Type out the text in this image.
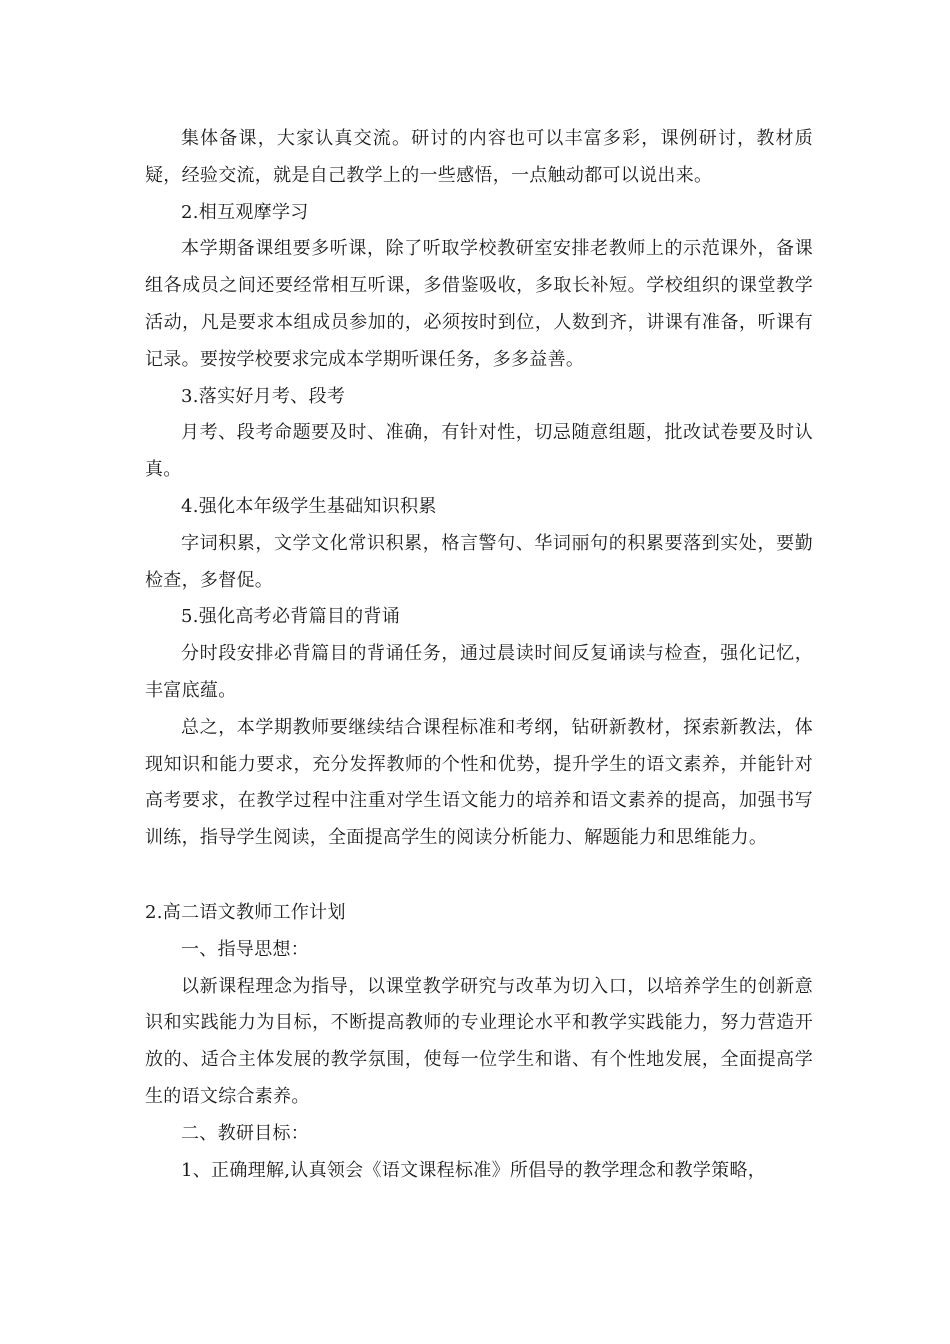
集体备课，大家认真交流。研讨的内容也可以丰富多彩，课例研讨，教材质疑，经验交流，就是自己教学上的一些感悟，一点触动都可以说出来。

2.相互观摩学习

本学期备课组要多听课，除了听取学校教研室安排老教师上的示范课外，备课组各成员之间还要经常相互听课，多借鉴吸收，多取长补短。学校组织的课堂教学活动，凡是要求本组成员参加的，必须按时到位，人数到齐，讲课有准备，听课有记录。要按学校要求完成本学期听课任务，多多益善。

3.落实好月考、段考

月考、段考命题要及时、准确，有针对性，切忌随意组题，批改试卷要及时认真。

4.强化本年级学生基础知识积累

字词积累，文学文化常识积累，格言警句、华词丽句的积累要落到实处，要勤检查，多督促。

5.强化高考必背篇目的背诵

分时段安排必背篇目的背诵任务，通过晨读时间反复诵读与检查，强化记忆，丰富底蕴。

总之，本学期教师要继续结合课程标准和考纲，钻研新教材，探索新教法，体现知识和能力要求，充分发挥教师的个性和优势，提升学生的语文素养，并能针对高考要求，在教学过程中注重对学生语文能力的培养和语文素养的提高，加强书写训练，指导学生阅读，全面提高学生的阅读分析能力、解题能力和思维能力。

2.高二语文教师工作计划

一、指导思想：

以新课程理念为指导，以课堂教学研究与改革为切入口，以培养学生的创新意识和实践能力为目标，不断提高教师的专业理论水平和教学实践能力，努力营造开放的、适合主体发展的教学氛围，使每一位学生和谐、有个性地发展，全面提高学生的语文综合素养。

二、教研目标：

1、正确理解,认真领会《语文课程标准》所倡导的教学理念和教学策略，
